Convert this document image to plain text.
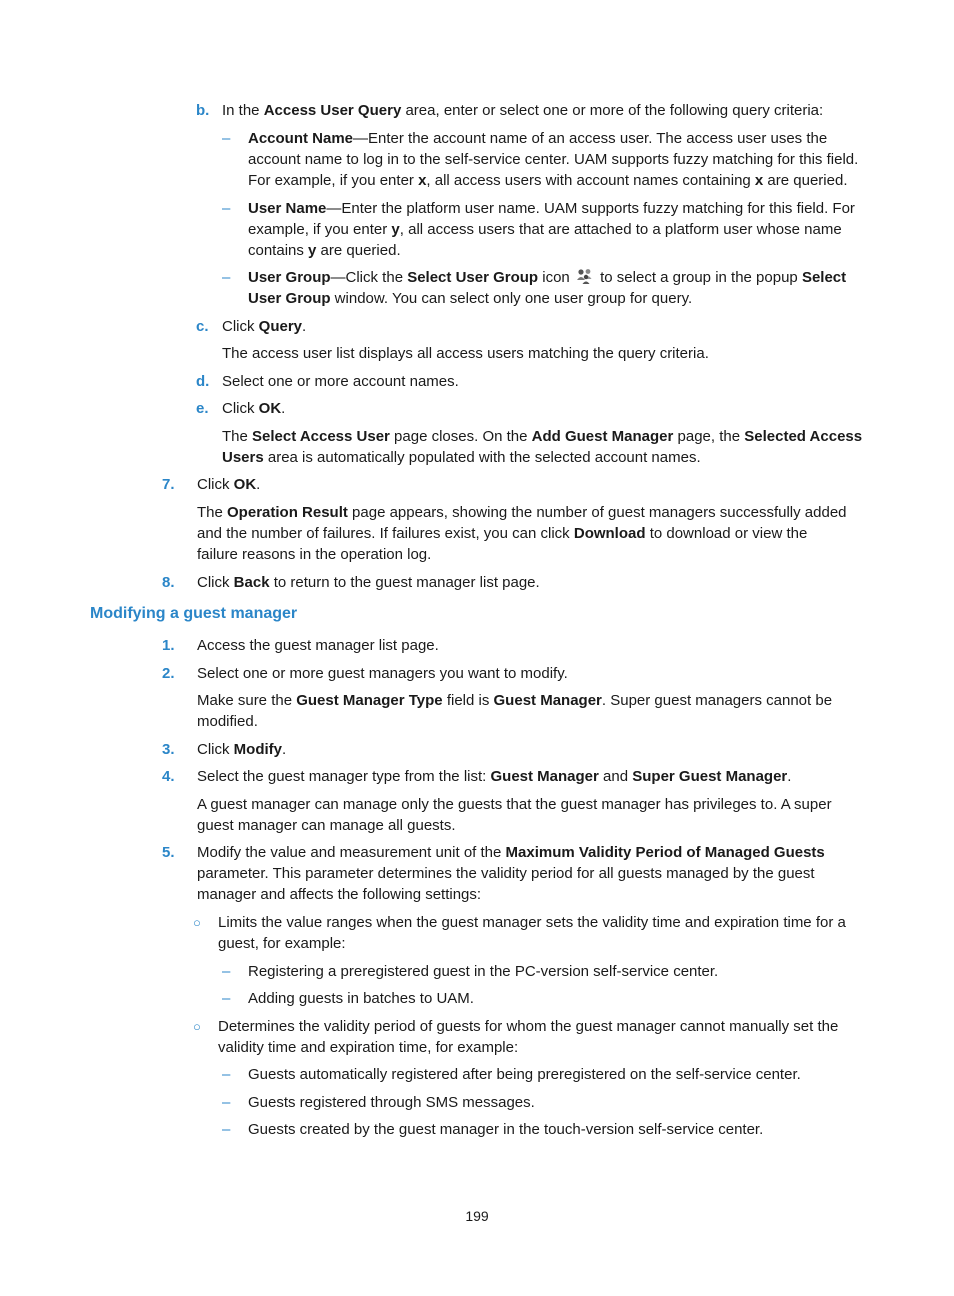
b. In the Access User Query area, enter or select one or more of the following query criteria:
– Account Name—Enter the account name of an access user. The access user uses the
account name to log in to the self-service center. UAM supports fuzzy matching for this field.
For example, if you enter x, all access users with account names containing x are queried.
– User Name—Enter the platform user name. UAM supports fuzzy matching for this field. For
example, if you enter y, all access users that are attached to a platform user whose name
contains y are queried.
– User Group—Click the Select User Group icon  to select a group in the popup Select
User Group window. You can select only one user group for query.
c. Click Query.
The access user list displays all access users matching the query criteria.
d. Select one or more account names.
e. Click OK.
The Select Access User page closes. On the Add Guest Manager page, the Selected Access
Users area is automatically populated with the selected account names.
7. Click OK.
The Operation Result page appears, showing the number of guest managers successfully added
and the number of failures. If failures exist, you can click Download to download or view the
failure reasons in the operation log.
8. Click Back to return to the guest manager list page.
Modifying a guest manager
1. Access the guest manager list page.
2. Select one or more guest managers you want to modify.
Make sure the Guest Manager Type field is Guest Manager. Super guest managers cannot be
modified.
3. Click Modify.
4. Select the guest manager type from the list: Guest Manager and Super Guest Manager.
A guest manager can manage only the guests that the guest manager has privileges to. A super
guest manager can manage all guests.
5. Modify the value and measurement unit of the Maximum Validity Period of Managed Guests
parameter. This parameter determines the validity period for all guests managed by the guest
manager and affects the following settings:
○ Limits the value ranges when the guest manager sets the validity time and expiration time for a
guest, for example:
– Registering a preregistered guest in the PC-version self-service center.
– Adding guests in batches to UAM.
○ Determines the validity period of guests for whom the guest manager cannot manually set the
validity time and expiration time, for example:
– Guests automatically registered after being preregistered on the self-service center.
– Guests registered through SMS messages.
– Guests created by the guest manager in the touch-version self-service center.
199
